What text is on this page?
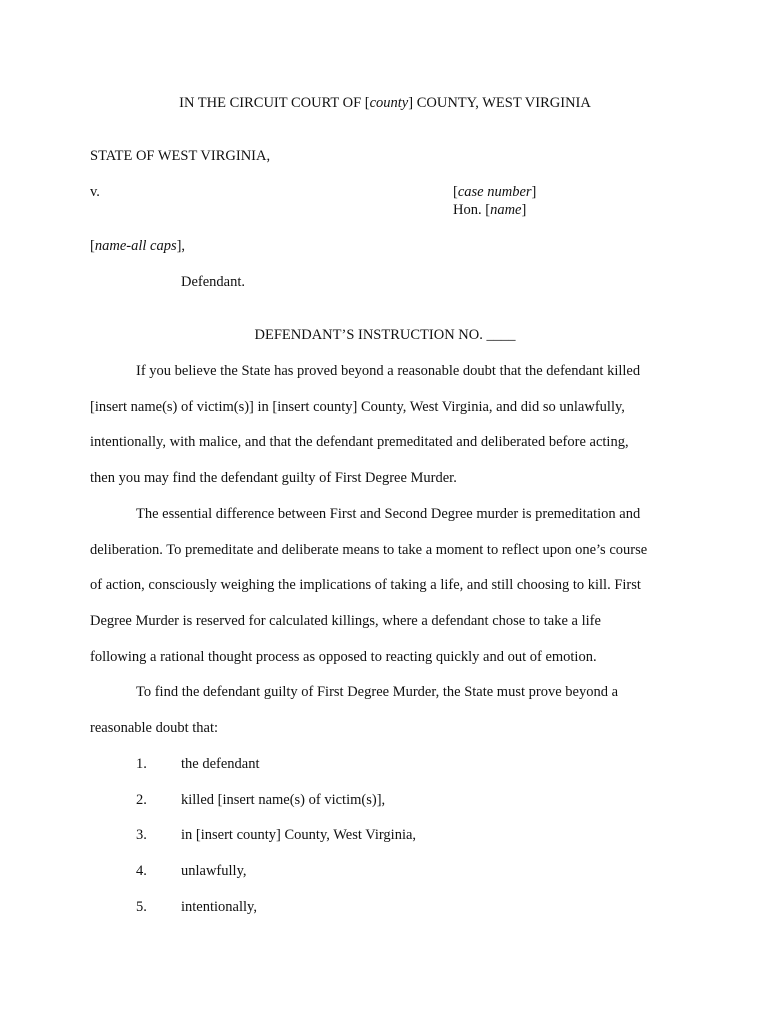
IN THE CIRCUIT COURT OF [county] COUNTY, WEST VIRGINIA
STATE OF WEST VIRGINIA,
v.	[case number]
Hon. [name]
[name-all caps],
Defendant.
DEFENDANT’S INSTRUCTION NO. ____
If you believe the State has proved beyond a reasonable doubt that the defendant killed
[insert name(s) of victim(s)] in [insert county] County, West Virginia, and did so unlawfully,
intentionally, with malice, and that the defendant premeditated and deliberated before acting,
then you may find the defendant guilty of First Degree Murder.
The essential difference between First and Second Degree murder is premeditation and
deliberation. To premeditate and deliberate means to take a moment to reflect upon one’s course
of action, consciously weighing the implications of taking a life, and still choosing to kill. First
Degree Murder is reserved for calculated killings, where a defendant chose to take a life
following a rational thought process as opposed to reacting quickly and out of emotion.
To find the defendant guilty of First Degree Murder, the State must prove beyond a
reasonable doubt that:
1. the defendant
2. killed [insert name(s) of victim(s)],
3. in [insert county] County, West Virginia,
4. unlawfully,
5. intentionally,
